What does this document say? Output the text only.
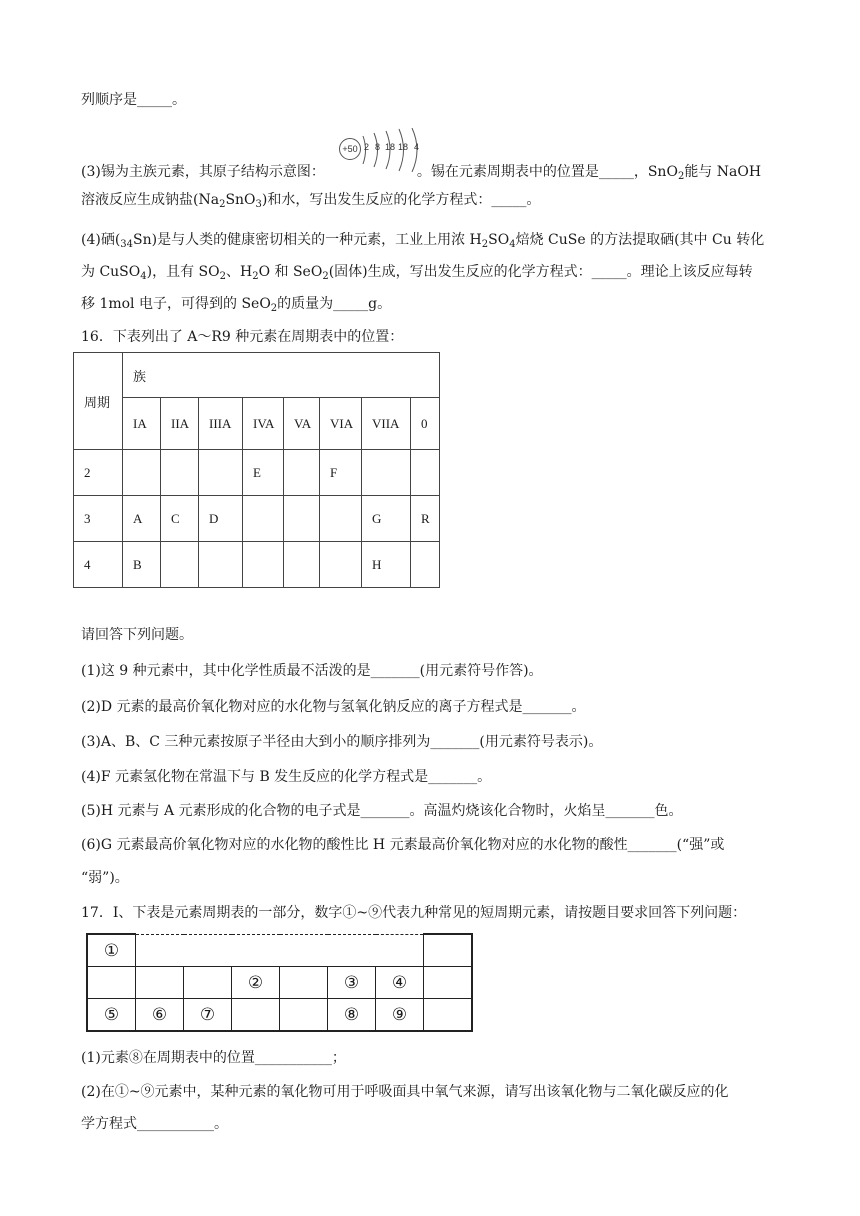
列顺序是_____。
+50 2 8 18 18 4
(3)锡为主族元素，其原子结构示意图：	。锡在元素周期表中的位置是_____，SnO$_2$能与 NaOH
溶液反应生成钠盐$(Na_2SnO_3)$和水，写出发生反应的化学方程式：_____。
(4)硒$(_{34}Sn)$是与人类的健康密切相关的一种元素，工业上用浓 $H_2SO_4$焙烧 CuSe 的方法提取硒(其中 Cu 转化
为 CuSO$_4$)，且有 $SO_2$、$H_2O$ 和 SeO$_2$(固体)生成，写出发生反应的化学方程式：_____。理论上该反应每转
移 1mol 电子，可得到的 SeO$_2$的质量为_____g。
16．下表列出了 A～R9 种元素在周期表中的位置：
周期	族							
	IA	IIA	IIIA	IVA	VA	VIA	VIIA	0
2				E		F		
3	A	C	D				G	R
4	B						H	
请回答下列问题。
(1)这 9 种元素中，其中化学性质最不活泼的是_______(用元素符号作答)。
(2)D 元素的最高价氧化物对应的水化物与氢氧化钠反应的离子方程式是_______。
(3)A、B、C 三种元素按原子半径由大到小的顺序排列为_______(用元素符号表示)。
(4)F 元素氢化物在常温下与 B 发生反应的化学方程式是_______。
(5)H 元素与 A 元素形成的化合物的电子式是_______。高温灼烧该化合物时，火焰呈_______色。
(6)G 元素最高价氧化物对应的水化物的酸性比 H 元素最高价氧化物对应的水化物的酸性_______(“强”或
“弱”)。
17．I、下表是元素周期表的一部分，数字①~⑨代表九种常见的短周期元素，请按题目要求回答下列问题：
①							
			②		③	④	
⑤	⑥	⑦			⑧	⑨	
(1)元素⑧在周期表中的位置___________；
(2)在①~⑨元素中，某种元素的氧化物可用于呼吸面具中氧气来源，请写出该氧化物与二氧化碳反应的化
学方程式___________。
